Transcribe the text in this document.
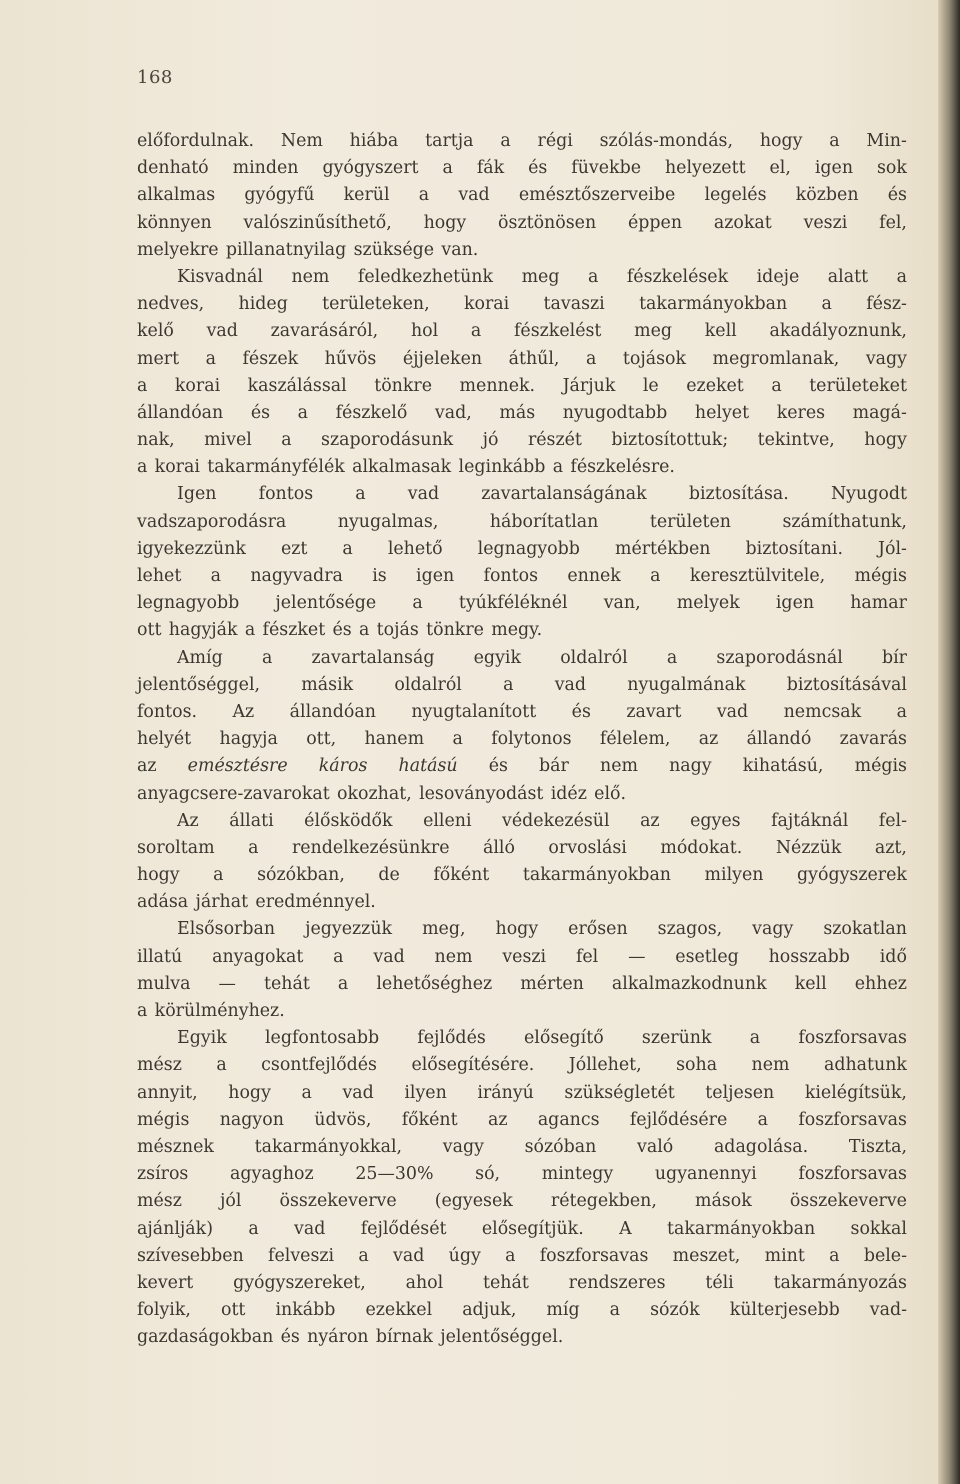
168
előfordulnak. Nem hiába tartja a régi szólás-mondás, hogy a Min-
denható minden gyógyszert a fák és füvekbe helyezett el, igen sok
alkalmas gyógyfű kerül a vad emésztőszerveibe legelés közben és
könnyen valószinűsíthető, hogy ösztönösen éppen azokat veszi fel,
melyekre pillanatnyilag szüksége van.
Kisvadnál nem feledkezhetünk meg a fészkelések ideje alatt a
nedves, hideg területeken, korai tavaszi takarmányokban a fész-
kelő vad zavarásáról, hol a fészkelést meg kell akadályoznunk,
mert a fészek hűvös éjjeleken áthűl, a tojások megromlanak, vagy
a korai kaszálással tönkre mennek. Járjuk le ezeket a területeket
állandóan és a fészkelő vad, más nyugodtabb helyet keres magá-
nak, mivel a szaporodásunk jó részét biztosítottuk; tekintve, hogy
a korai takarmányfélék alkalmasak leginkább a fészkelésre.
Igen fontos a vad zavartalanságának biztosítása. Nyugodt
vadszaporodásra	nyugalmas,	háborítatlan	területen	számíthatunk,
igyekezzünk ezt a lehető legnagyobb mértékben biztosítani. Jól-
lehet a nagyvadra is igen fontos ennek a keresztülvitele, mégis
legnagyobb jelentősége a tyúkféléknél van, melyek igen hamar
ott hagyják a fészket és a tojás tönkre megy.
Amíg a zavartalanság egyik oldalról a szaporodásnál bír
jelentőséggel, másik oldalról a vad nyugalmának biztosításával
fontos. Az állandóan nyugtalanított és zavart vad nemcsak a
helyét hagyja ott, hanem a folytonos félelem, az állandó zavarás
az emésztésre káros hatású és bár nem nagy kihatású, mégis
anyagcsere-zavarokat okozhat, lesoványodást idéz elő.
Az állati élősködők elleni védekezésül az egyes fajtáknál fel-
soroltam a rendelkezésünkre álló orvoslási módokat. Nézzük azt,
hogy a sózókban, de főként takarmányokban milyen gyógyszerek
adása járhat eredménnyel.
Elsősorban jegyezzük meg, hogy erősen szagos, vagy szokatlan
illatú anyagokat a vad nem veszi fel — esetleg hosszabb idő
mulva — tehát a lehetőséghez mérten alkalmazkodnunk kell ehhez
a körülményhez.
Egyik legfontosabb fejlődés elősegítő szerünk a foszforsavas
mész a csontfejlődés elősegítésére. Jóllehet, soha nem adhatunk
annyit, hogy a vad ilyen irányú szükségletét teljesen kielégítsük,
mégis nagyon üdvös, főként az agancs fejlődésére a foszforsavas
mésznek takarmányokkal, vagy sózóban való adagolása. Tiszta,
zsíros agyaghoz 25—30% só, mintegy ugyanennyi foszforsavas
mész jól összekeverve (egyesek rétegekben, mások összekeverve
ajánlják) a vad fejlődését elősegítjük. A takarmányokban sokkal
szívesebben felveszi a vad úgy a foszforsavas meszet, mint a bele-
kevert gyógyszereket, ahol tehát rendszeres téli takarmányozás
folyik, ott inkább ezekkel adjuk, míg a sózók külterjesebb vad-
gazdaságokban és nyáron bírnak jelentőséggel.
